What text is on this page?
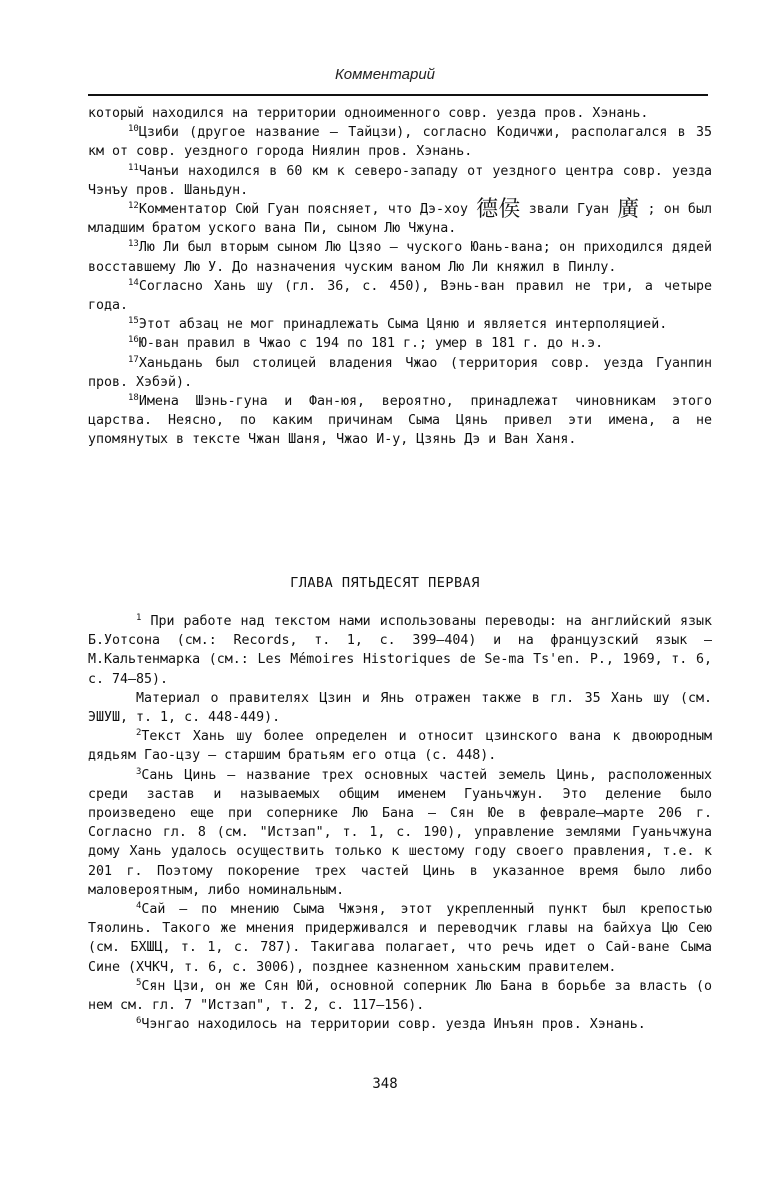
Комментарий

который находился на территории одноименного совр. уезда пров. Хэнань.

$^{10}$Цзиби (другое название — Тайцзи), согласно Кодичжи, располагался в 35 км от совр. уездного города Ниялин пров. Хэнань.

$^{11}$Чанъи находился в 60 км к северо-западу от уездного центра совр. уезда Чэнъу пров. Шаньдун.

$^{12}$Комментатор Сюй Гуан поясняет, что Дэ-хоу 德侯 звали Гуан 廣 ; он был младшим братом уского вана Пи, сыном Лю Чжуна.

$^{13}$Лю Ли был вторым сыном Лю Цзяо — чуского Юань-вана; он приходился дядей восставшему Лю У. До назначения чуским ваном Лю Ли княжил в Пинлу.

$^{14}$Согласно Хань шу (гл. 36, с. 450), Вэнь-ван правил не три, а четыре года.

$^{15}$Этот абзац не мог принадлежать Сыма Цяню и является интерполяцией.

$^{16}$Ю-ван правил в Чжао с 194 по 181 г.; умер в 181 г. до н.э.

$^{17}$Ханьдань был столицей владения Чжао (территория совр. уезда Гуанпин пров. Хэбэй).

$^{18}$Имена Шэнь-гуна и Фан-юя, вероятно, принадлежат чиновникам этого царства. Неясно, по каким причинам Сыма Цянь привел эти имена, а не упомянутых в тексте Чжан Шаня, Чжао И-у, Цзянь Дэ и Ван Ханя.

ГЛАВА ПЯТЬДЕСЯТ ПЕРВАЯ

$^1$ При работе над текстом нами использованы переводы: на английский язык Б.Уотсона (см.: Records, т. 1, с. 399–404) и на французский язык — М.Кальтенмарка (см.: Les Mémoires Historiques de Se-ma Ts'en. P., 1969, т. 6, с. 74–85).

Материал о правителях Цзин и Янь отражен также в гл. 35 Хань шу (см. ЭШУШ, т. 1, с. 448-449).

$^2$Текст Хань шу более определен и относит цзинского вана к двоюродным дядьям Гао-цзу — старшим братьям его отца (с. 448).

$^3$Сань Цинь — название трех основных частей земель Цинь, расположенных среди застав и называемых общим именем Гуаньчжун. Это деление было произведено еще при сопернике Лю Бана — Сян Юе в феврале—марте 206 г. Согласно гл. 8 (см. "Истзап", т. 1, с. 190), управление землями Гуаньчжуна дому Хань удалось осуществить только к шестому году своего правления, т.е. к 201 г. Поэтому покорение трех частей Цинь в указанное время было либо маловероятным, либо номинальным.

$^4$Сай — по мнению Сыма Чжэня, этот укрепленный пункт был крепостью Тяолинь. Такого же мнения придерживался и переводчик главы на байхуа Цю Сею (см. БХШЦ, т. 1, с. 787). Такигава полагает, что речь идет о Сай-ване Сыма Сине (ХЧКЧ, т. 6, с. 3006), позднее казненном ханьским правителем.

$^5$Сян Цзи, он же Сян Юй, основной соперник Лю Бана в борьбе за власть (о нем см. гл. 7 "Истзап", т. 2, с. 117–156).

$^6$Чэнгао находилось на территории совр. уезда Инъян пров. Хэнань.

348
